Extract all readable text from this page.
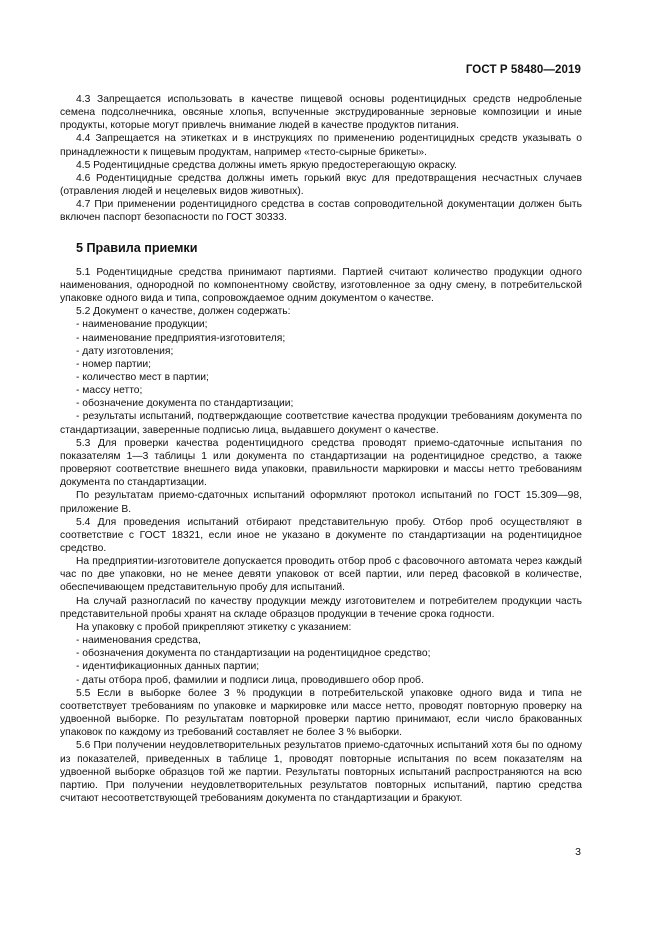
ГОСТ Р 58480—2019

4.3 Запрещается использовать в качестве пищевой основы родентицидных средств недробленые семена подсолнечника, овсяные хлопья, вспученные экструдированные зерновые композиции и иные продукты, которые могут привлечь внимание людей в качестве продуктов питания.

4.4 Запрещается на этикетках и в инструкциях по применению родентицидных средств указывать о принадлежности к пищевым продуктам, например «тесто-сырные брикеты».

4.5 Родентицидные средства должны иметь яркую предостерегающую окраску.

4.6 Родентицидные средства должны иметь горький вкус для предотвращения несчастных случаев (отравления людей и нецелевых видов животных).

4.7 При применении родентицидного средства в состав сопроводительной документации должен быть включен паспорт безопасности по ГОСТ 30333.

5 Правила приемки

5.1 Родентицидные средства принимают партиями. Партией считают количество продукции одного наименования, однородной по компонентному свойству, изготовленное за одну смену, в потребительской упаковке одного вида и типа, сопровождаемое одним документом о качестве.

5.2 Документ о качестве, должен содержать:

- наименование продукции;

- наименование предприятия-изготовителя;

- дату изготовления;

- номер партии;

- количество мест в партии;

- массу нетто;

- обозначение документа по стандартизации;

- результаты испытаний, подтверждающие соответствие качества продукции требованиям документа по стандартизации, заверенные подписью лица, выдавшего документ о качестве.

5.3 Для проверки качества родентицидного средства проводят приемо-сдаточные испытания по показателям 1—3 таблицы 1 или документа по стандартизации на родентицидное средство, а также проверяют соответствие внешнего вида упаковки, правильности маркировки и массы нетто требованиям документа по стандартизации.

По результатам приемо-сдаточных испытаний оформляют протокол испытаний по ГОСТ 15.309—98, приложение В.

5.4 Для проведения испытаний отбирают представительную пробу. Отбор проб осуществляют в соответствие с ГОСТ 18321, если иное не указано в документе по стандартизации на родентицидное средство.

На предприятии-изготовителе допускается проводить отбор проб с фасовочного автомата через каждый час по две упаковки, но не менее девяти упаковок от всей партии, или перед фасовкой в количестве, обеспечивающем представительную пробу для испытаний.

На случай разногласий по качеству продукции между изготовителем и потребителем продукции часть представительной пробы хранят на складе образцов продукции в течение срока годности.

На упаковку с пробой прикрепляют этикетку с указанием:

- наименования средства,

- обозначения документа по стандартизации на родентицидное средство;

- идентификационных данных партии;

- даты отбора проб, фамилии и подписи лица, проводившего обор проб.

5.5 Если в выборке более 3 % продукции в потребительской упаковке одного вида и типа не соответствует требованиям по упаковке и маркировке или массе нетто, проводят повторную проверку на удвоенной выборке. По результатам повторной проверки партию принимают, если число бракованных упаковок по каждому из требований составляет не более 3 % выборки.

5.6 При получении неудовлетворительных результатов приемо-сдаточных испытаний хотя бы по одному из показателей, приведенных в таблице 1, проводят повторные испытания по всем показателям на удвоенной выборке образцов той же партии. Результаты повторных испытаний распространяются на всю партию. При получении неудовлетворительных результатов повторных испытаний, партию средства считают несоответствующей требованиям документа по стандартизации и бракуют.

3
